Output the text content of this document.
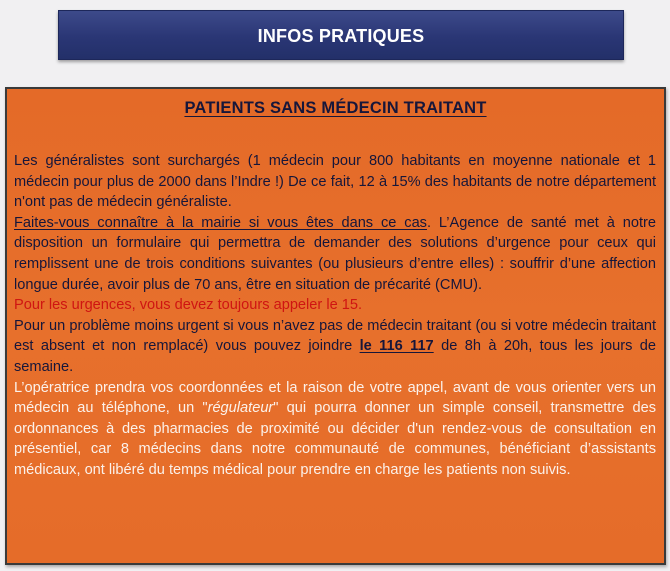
INFOS PRATIQUES
PATIENTS SANS MÉDECIN TRAITANT

Les généralistes sont surchargés (1 médecin pour 800 habitants en moyenne nationale et 1 médecin pour plus de 2000 dans l’Indre !) De ce fait, 12 à 15% des habitants de notre département n'ont pas de médecin généraliste.

Faites-vous connaître à la mairie si vous êtes dans ce cas. L’Agence de santé met à notre disposition un formulaire qui permettra de demander des solutions d’urgence pour ceux qui remplissent une de trois conditions suivantes (ou plusieurs d’entre elles) : souffrir d’une affection longue durée, avoir plus de 70 ans, être en situation de précarité (CMU).

Pour les urgences, vous devez toujours appeler le 15.

Pour un problème moins urgent si vous n’avez pas de médecin traitant (ou si votre médecin traitant est absent et non remplacé) vous pouvez joindre le 116 117 de 8h à 20h, tous les jours de semaine.

L’opératrice prendra vos coordonnées et la raison de votre appel, avant de vous orienter vers un médecin au téléphone, un "régulateur" qui pourra donner un simple conseil, transmettre des ordonnances à des pharmacies de proximité ou décider d'un rendez-vous de consultation en présentiel, car 8 médecins dans notre communauté de communes, bénéficiant d’assistants médicaux, ont libéré du temps médical pour prendre en charge les patients non suivis.
